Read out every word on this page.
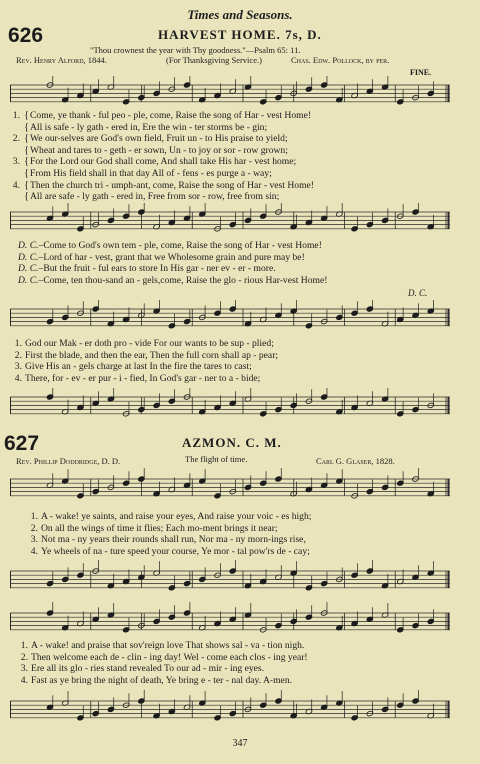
Times and Seasons.
626	HARVEST HOME. 7s, D.
"Thou crownest the year with Thy goodness."—Psalm 65: 11.
Rev. Henry Alford, 1844.	(For Thanksgiving Service.)	Chas. Edw. Pollock, by per.
FINE.
1. { Come, ye thank - ful peo - ple, come, Raise the song of Har - vest Home!
{ All is safe - ly gath - ered in, Ere the win - ter storms be - gin;
2. { We our-selves are God's own field, Fruit un - to His praise to yield;
{ Wheat and tares to - geth - er sown, Un - to joy or sor - row grown;
3. { For the Lord our God shall come, And shall take His har - vest home;
{ From His field shall in that day All of - fens - es purge a - way;
4. { Then the church tri - umph-ant, come, Raise the song of Har - vest Home!
{ All are safe - ly gath - ered in, Free from sor - row, free from sin;
D. C. –Come to God's own tem - ple, come, Raise the song of Har - vest Home!
D. C. –Lord of har - vest, grant that we Wholesome grain and pure may be!
D. C. –But the fruit - ful ears to store In His gar - ner ev - er - more.
D. C. –Come, ten thou-sand an - gels,come, Raise the glo - rious Har-vest Home!
D. C.
1. God our Mak - er doth pro - vide For our wants to be sup - plied;
2. First the blade, and then the ear, Then the full corn shall ap - pear;
3. Give His an - gels charge at last In the fire the tares to cast;
4. There, for - ev - er pur - i - fied, In God's gar - ner to a - bide;
627	AZMON. C. M.
Rev. Phillip Doddridge, D. D.	The flight of time.	Carl G. Glaser, 1828.
1. A - wake! ye saints, and raise your eyes, And raise your voic - es high;
2. On all the wings of time it flies; Each mo-ment brings it near;
3. Not ma - ny years their rounds shall run, Nor ma - ny morn-ings rise,
4. Ye wheels of na - ture speed your course, Ye mor - tal pow'rs de - cay;
1. A - wake! and praise that sov'reign love That shows sal - va - tion nigh.
2. Then welcome each de - clin - ing day! Wel - come each clos - ing year!
3. Ere all its glo - ries stand revealed To our ad - mir - ing eyes.
4. Fast as ye bring the night of death, Ye bring e - ter - nal day. A-men.
347
